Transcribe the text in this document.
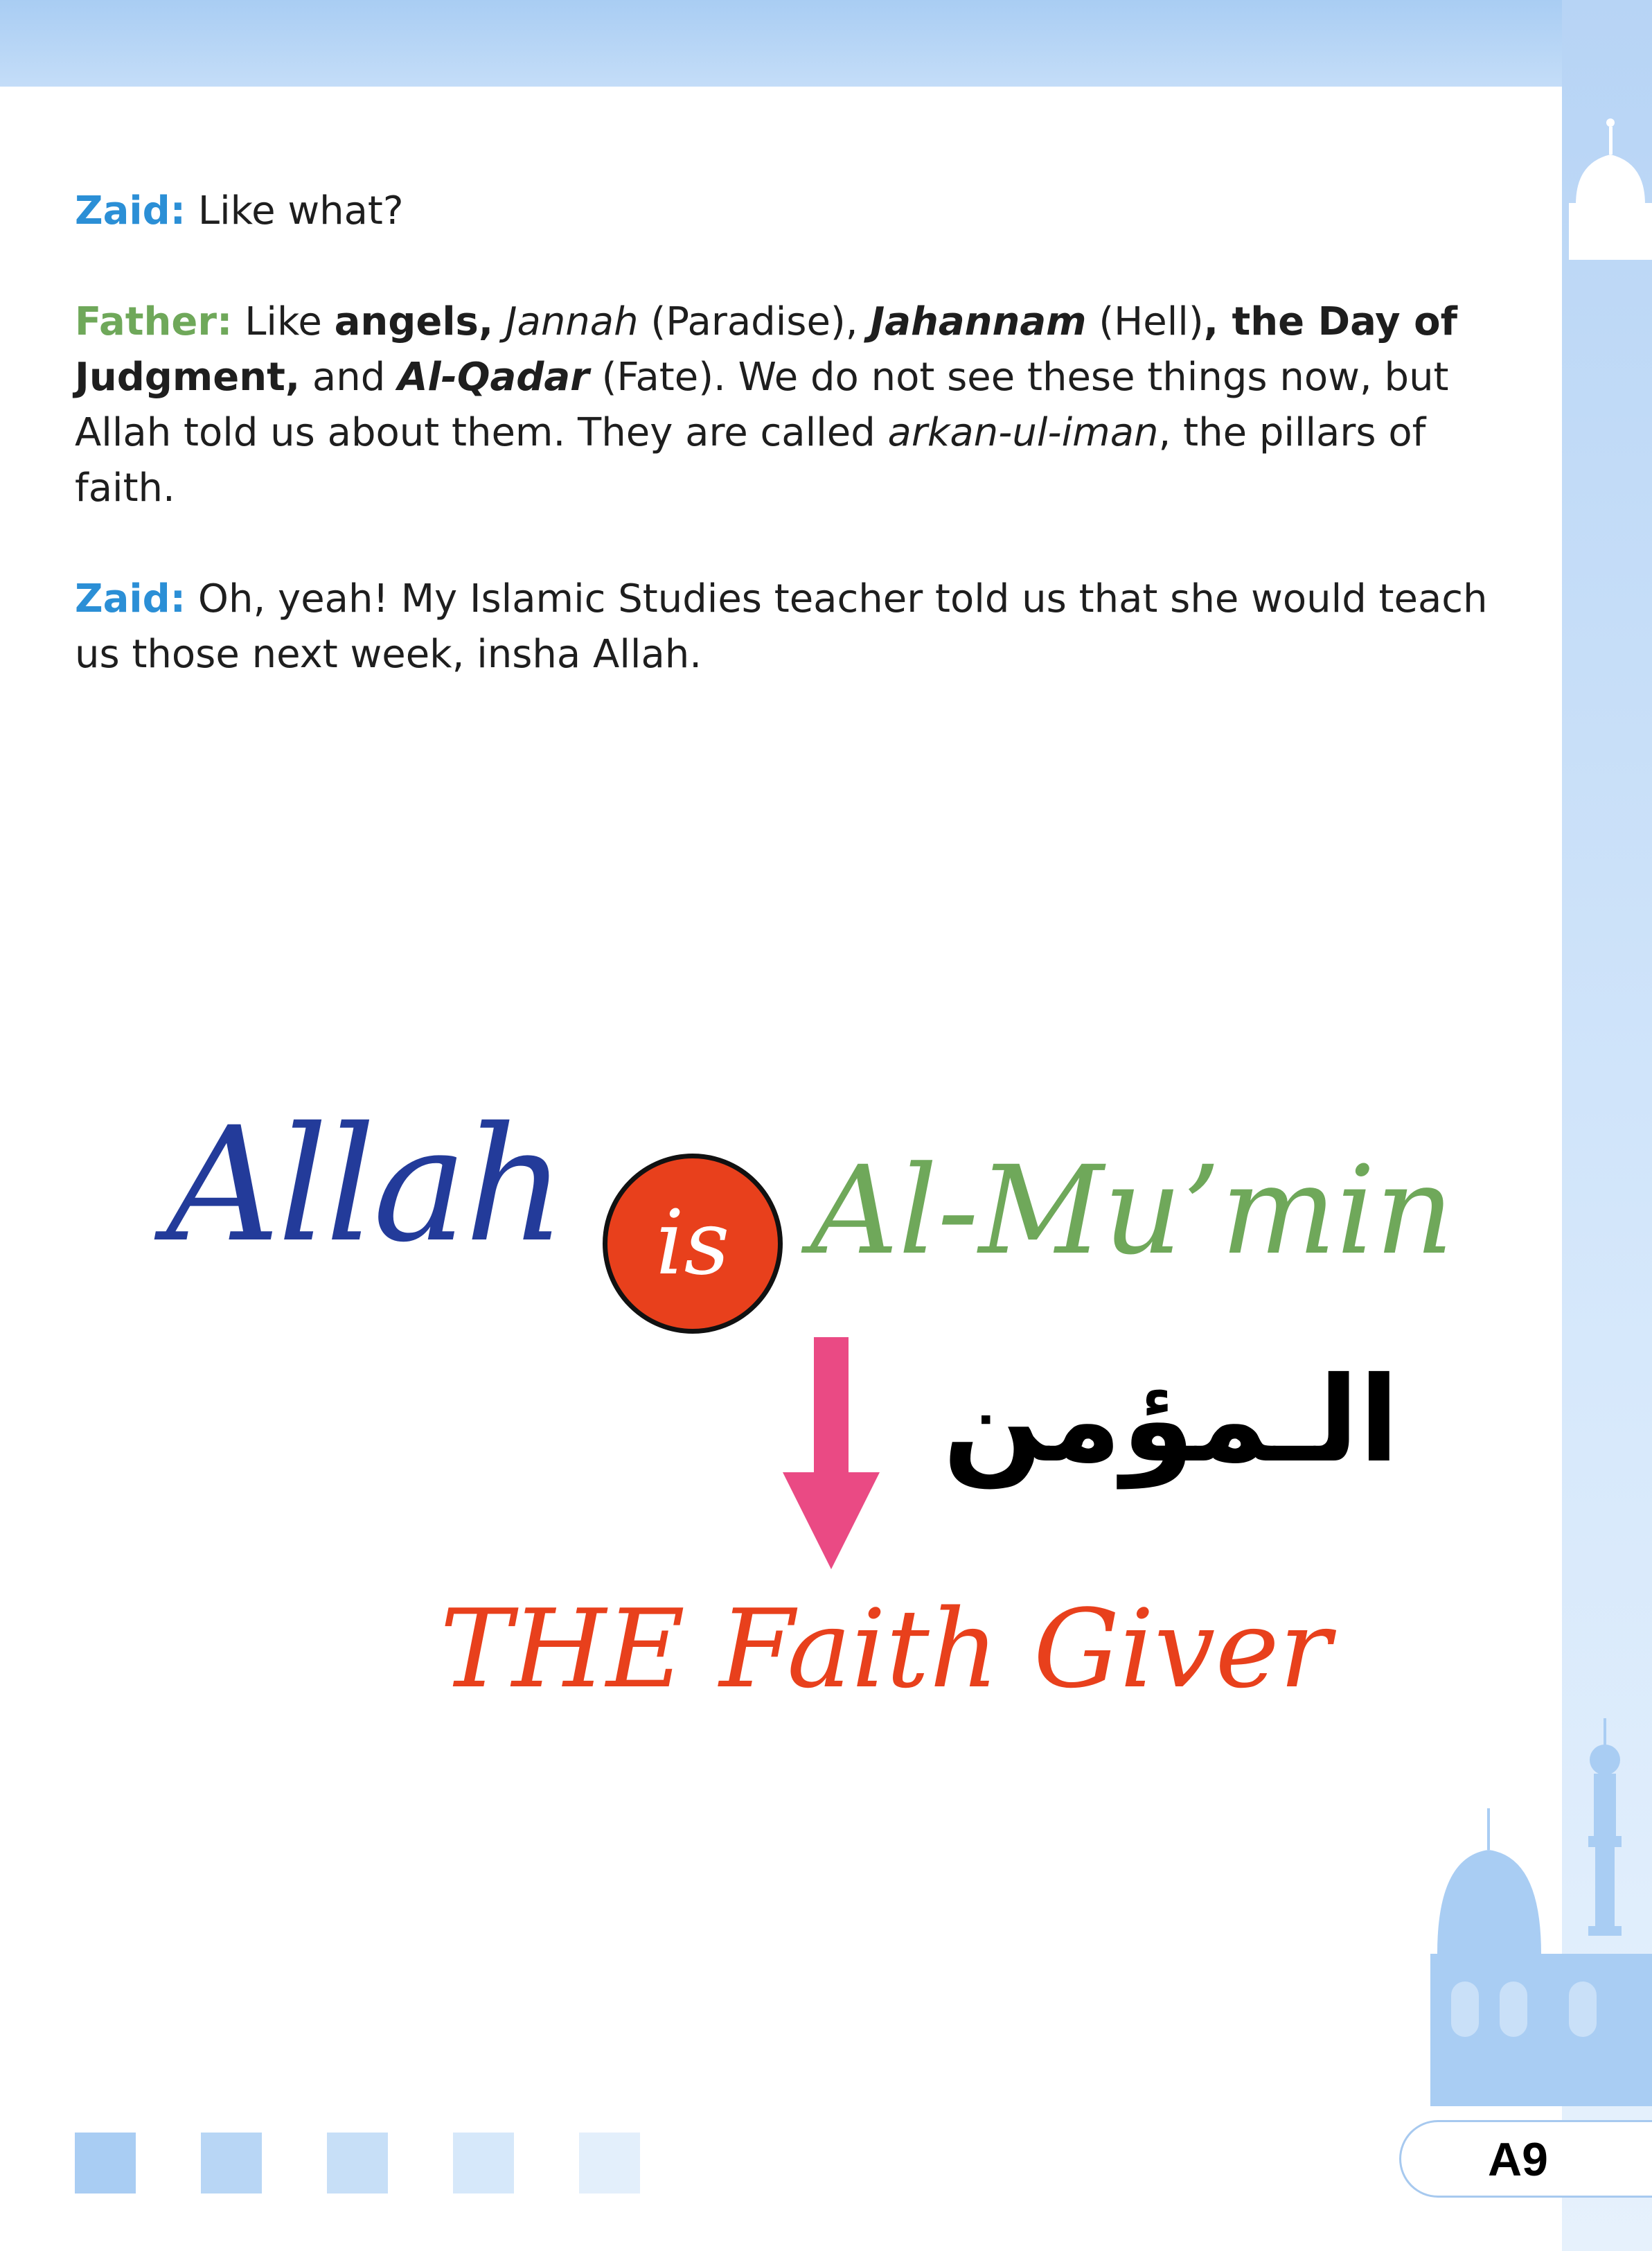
Zaid: Like what?

Father: Like angels, Jannah (Paradise), Jahannam (Hell), the Day of Judgment, and Al-Qadar (Fate). We do not see these things now, but Allah told us about them. They are called arkan-ul-iman, the pillars of faith.

Zaid: Oh, yeah! My Islamic Studies teacher told us that she would teach us those next week, insha Allah.

Allah is Al-Mu’min
الـمؤمن
THE Faith Giver
A9
